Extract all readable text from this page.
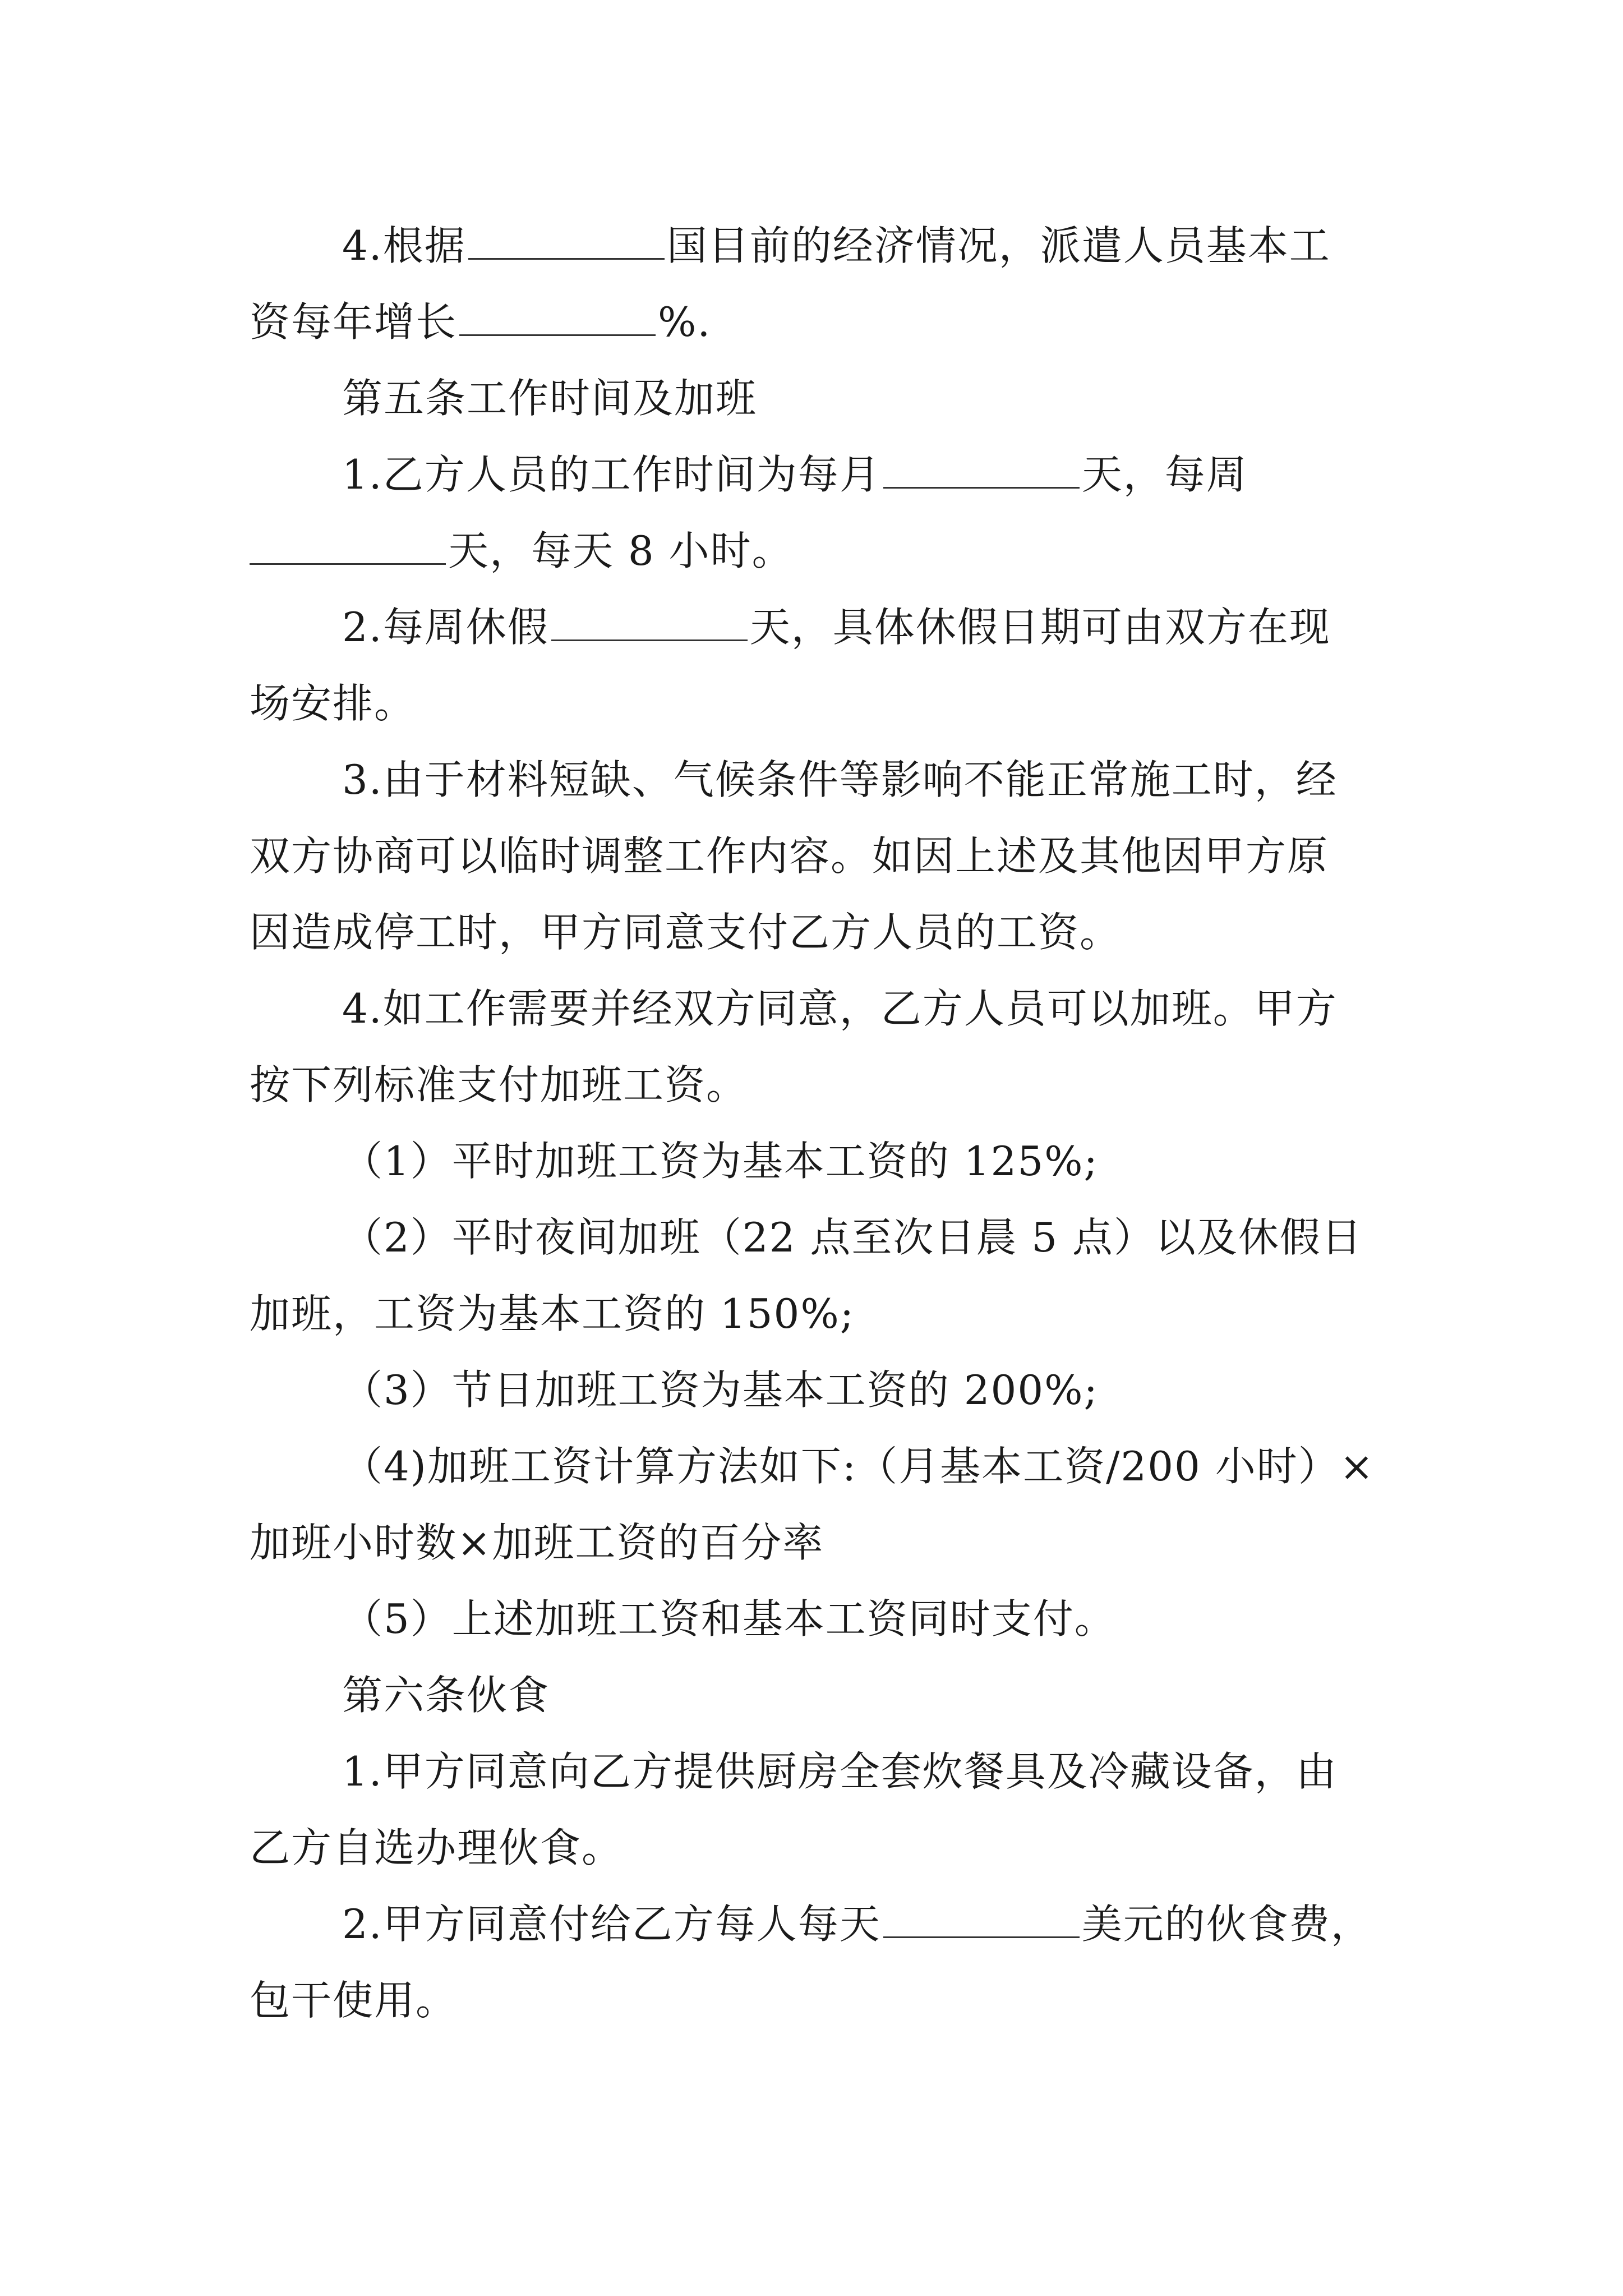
4.根据	国目前的经济情况，派遣人员基本工
资每年增长	%.
第五条工作时间及加班
1.乙方人员的工作时间为每月	天，每周
天，每天 8 小时。
2.每周休假	天，具体休假日期可由双方在现
场安排。
3.由于材料短缺、气候条件等影响不能正常施工时，经
双方协商可以临时调整工作内容。如因上述及其他因甲方原
因造成停工时，甲方同意支付乙方人员的工资。
4.如工作需要并经双方同意，乙方人员可以加班。甲方
按下列标准支付加班工资。
（1）平时加班工资为基本工资的 125%;
（2）平时夜间加班（22 点至次日晨 5 点）以及休假日
加班，工资为基本工资的 150%;
（3）节日加班工资为基本工资的 200%;
（4)加班工资计算方法如下:（月基本工资/200 小时）×
加班小时数×加班工资的百分率
（5）上述加班工资和基本工资同时支付。
第六条伙食
1.甲方同意向乙方提供厨房全套炊餐具及冷藏设备，由
乙方自选办理伙食。
2.甲方同意付给乙方每人每天	美元的伙食费，
包干使用。
